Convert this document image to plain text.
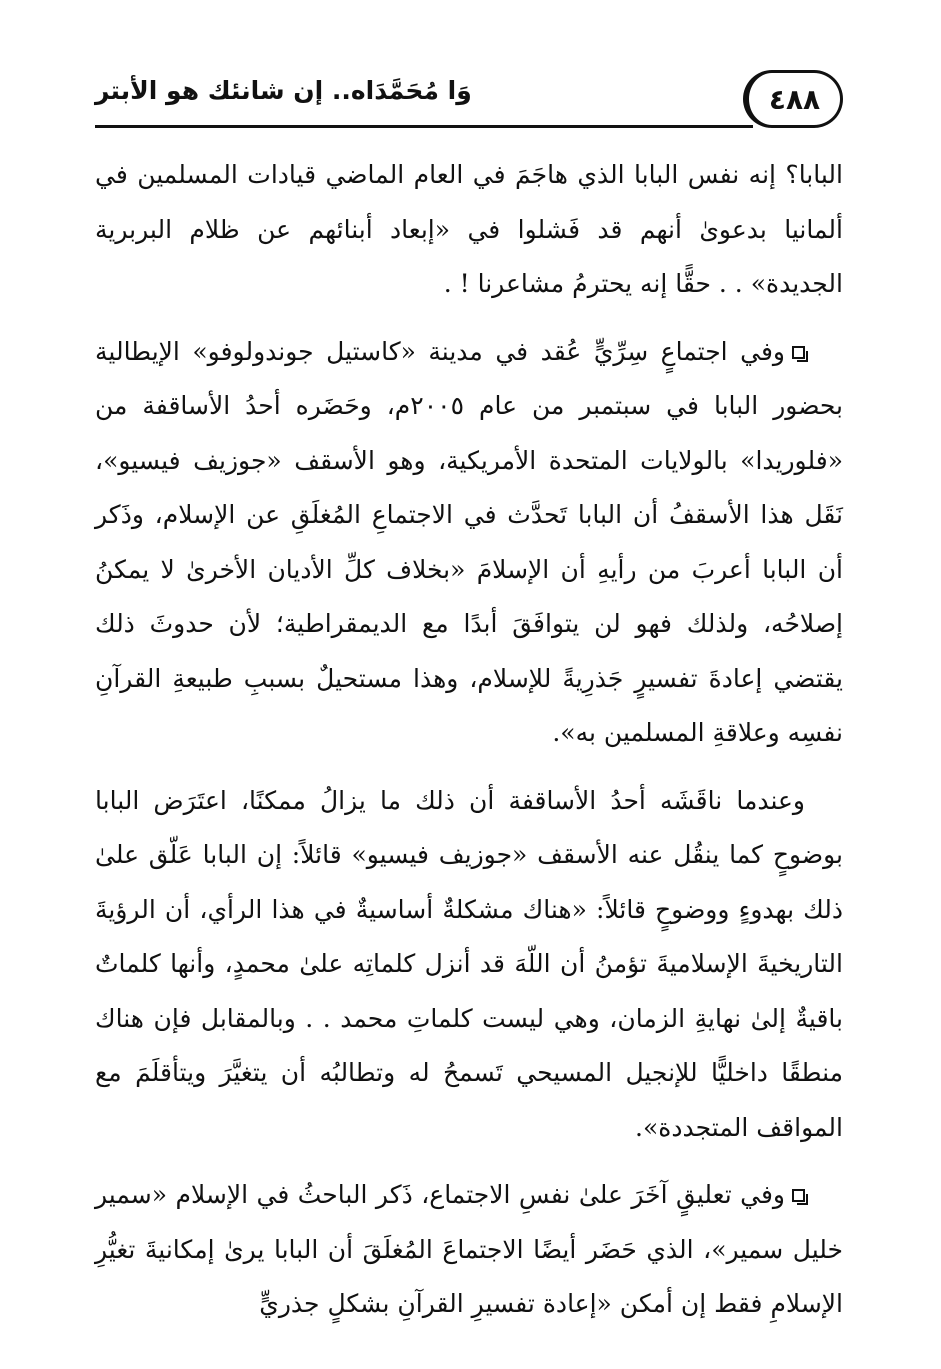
وَا مُحَمَّدَاه.. إن شانئك هو الأبتر	٤٨٨

البابا؟ إنه نفس البابا الذي هاجَمَ في العام الماضي قيادات المسلمين في ألمانيا بدعوىٰ أنهم قد فَشلوا في «إبعاد أبنائهم عن ظلام البربرية الجديدة» . . حقًّا إنه يحترمُ مشاعرنا ! .

وفي اجتماعٍ سِرِّيٍّ عُقد في مدينة «كاستيل جوندولوفو» الإيطالية بحضور البابا في سبتمبر من عام ٢٠٠٥م، وحَضَره أحدُ الأساقفة من «فلوريدا» بالولايات المتحدة الأمريكية، وهو الأسقف «جوزيف فيسيو»، نَقَل هذا الأسقفُ أن البابا تَحدَّث في الاجتماعِ المُغلَقِ عن الإسلام، وذَكر أن البابا أعربَ من رأيهِ أن الإسلامَ «بخلاف كلِّ الأديان الأخرىٰ لا يمكنُ إصلاحُه، ولذلك فهو لن يتوافَقَ أبدًا مع الديمقراطية؛ لأن حدوثَ ذلك يقتضي إعادةَ تفسيرٍ جَذرِيةً للإسلام، وهذا مستحيلٌ بسببِ طبيعةِ القرآنِ نفسِه وعلاقةِ المسلمين به».

وعندما ناقَشَه أحدُ الأساقفة أن ذلك ما يزالُ ممكنًا، اعتَرَض البابا بوضوحٍ كما ينقُل عنه الأسقف «جوزيف فيسيو» قائلاً: إن البابا عَلّق علىٰ ذلك بهدوءٍ ووضوحٍ قائلاً: «هناك مشكلةٌ أساسيةٌ في هذا الرأي، أن الرؤيةَ التاريخيةَ الإسلاميةَ تؤمنُ أن اللّهَ قد أنزل كلماتِه علىٰ محمدٍ، وأنها كلماتٌ باقيةٌ إلىٰ نهايةِ الزمان، وهي ليست كلماتِ محمد . . وبالمقابل فإن هناك منطقًا داخليًّا للإنجيل المسيحي تَسمحُ له وتطالبُه أن يتغيَّرَ ويتأقلَمَ مع المواقف المتجددة».

وفي تعليقٍ آخَرَ علىٰ نفسِ الاجتماع، ذَكر الباحثُ في الإسلام «سمير خليل سمير»، الذي حَضَر أيضًا الاجتماعَ المُغلَقَ أن البابا يرىٰ إمكانيةَ تغيُّرِ الإسلامِ فقط إن أمكن «إعادة تفسيرِ القرآنِ بشكلٍ جذريٍّ
